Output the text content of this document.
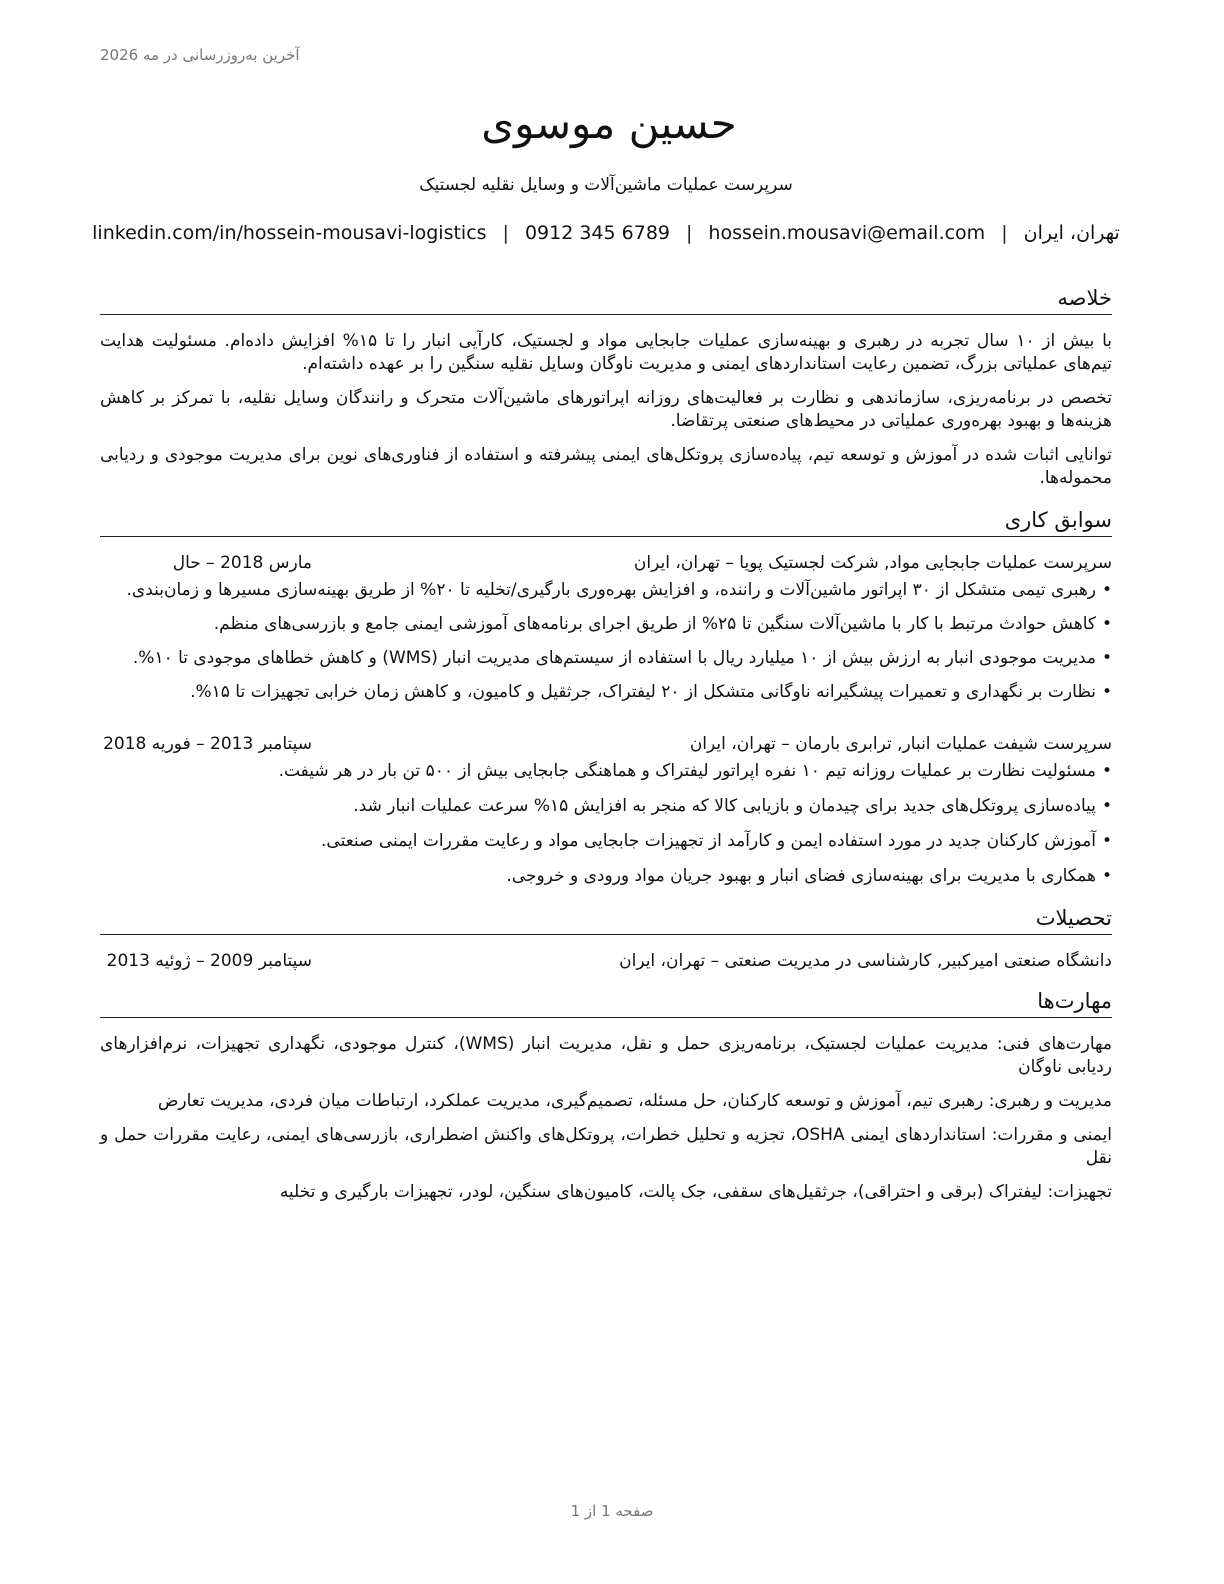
آخرین به‌روزرسانی در مه 2026
حسین موسوی
سرپرست عملیات ماشین‌آلات و وسایل نقلیه لجستیک
تهران، ایران
|
hossein.mousavi@email.com
|
0912 345 6789
|
linkedin.com/in/hossein-mousavi-logistics
خلاصه

با بیش از ۱۰ سال تجربه در رهبری و بهینه‌سازی عملیات جابجایی مواد و لجستیک، کارآیی انبار را تا ۱۵% افزایش داده‌ام. مسئولیت هدایت تیم‌های عملیاتی بزرگ، تضمین رعایت استانداردهای ایمنی و مدیریت ناوگان وسایل نقلیه سنگین را بر عهده داشته‌ام.

تخصص در برنامه‌ریزی، سازماندهی و نظارت بر فعالیت‌های روزانه اپراتورهای ماشین‌آلات متحرک و رانندگان وسایل نقلیه، با تمرکز بر کاهش هزینه‌ها و بهبود بهره‌وری عملیاتی در محیط‌های صنعتی پرتقاضا.

توانایی اثبات شده در آموزش و توسعه تیم، پیاده‌سازی پروتکل‌های ایمنی پیشرفته و استفاده از فناوری‌های نوین برای مدیریت موجودی و ردیابی محموله‌ها.

سوابق کاری
سرپرست عملیات جابجایی مواد, شرکت لجستیک پویا – تهران، ایران
مارس 2018 – حال
• رهبری تیمی متشکل از ۳۰ اپراتور ماشین‌آلات و راننده، و افزایش بهره‌وری بارگیری/تخلیه تا ۲۰% از طریق بهینه‌سازی مسیرها و زمان‌بندی.
• کاهش حوادث مرتبط با کار با ماشین‌آلات سنگین تا ۲۵% از طریق اجرای برنامه‌های آموزشی ایمنی جامع و بازرسی‌های منظم.
• مدیریت موجودی انبار به ارزش بیش از ۱۰ میلیارد ریال با استفاده از سیستم‌های مدیریت انبار (WMS) و کاهش خطاهای موجودی تا ۱۰%.
• نظارت بر نگهداری و تعمیرات پیشگیرانه ناوگانی متشکل از ۲۰ لیفتراک، جرثقیل و کامیون، و کاهش زمان خرابی تجهیزات تا ۱۵%.
سرپرست شیفت عملیات انبار, ترابری بارمان – تهران، ایران
سپتامبر 2013 – فوریه 2018
• مسئولیت نظارت بر عملیات روزانه تیم ۱۰ نفره اپراتور لیفتراک و هماهنگی جابجایی بیش از ۵۰۰ تن بار در هر شیفت.
• پیاده‌سازی پروتکل‌های جدید برای چیدمان و بازیابی کالا که منجر به افزایش ۱۵% سرعت عملیات انبار شد.
• آموزش کارکنان جدید در مورد استفاده ایمن و کارآمد از تجهیزات جابجایی مواد و رعایت مقررات ایمنی صنعتی.
• همکاری با مدیریت برای بهینه‌سازی فضای انبار و بهبود جریان مواد ورودی و خروجی.
تحصیلات
دانشگاه صنعتی امیرکبیر, کارشناسی در مدیریت صنعتی – تهران، ایران
سپتامبر 2009 – ژوئیه 2013
مهارت‌ها

مهارت‌های فنی: مدیریت عملیات لجستیک، برنامه‌ریزی حمل و نقل، مدیریت انبار (WMS)، کنترل موجودی، نگهداری تجهیزات، نرم‌افزارهای ردیابی ناوگان

مدیریت و رهبری: رهبری تیم، آموزش و توسعه کارکنان، حل مسئله، تصمیم‌گیری، مدیریت عملکرد، ارتباطات میان فردی، مدیریت تعارض

ایمنی و مقررات: استانداردهای ایمنی OSHA، تجزیه و تحلیل خطرات، پروتکل‌های واکنش اضطراری، بازرسی‌های ایمنی، رعایت مقررات حمل و نقل

تجهیزات: لیفتراک (برقی و احتراقی)، جرثقیل‌های سقفی، جک پالت، کامیون‌های سنگین، لودر، تجهیزات بارگیری و تخلیه

صفحه 1 از 1
